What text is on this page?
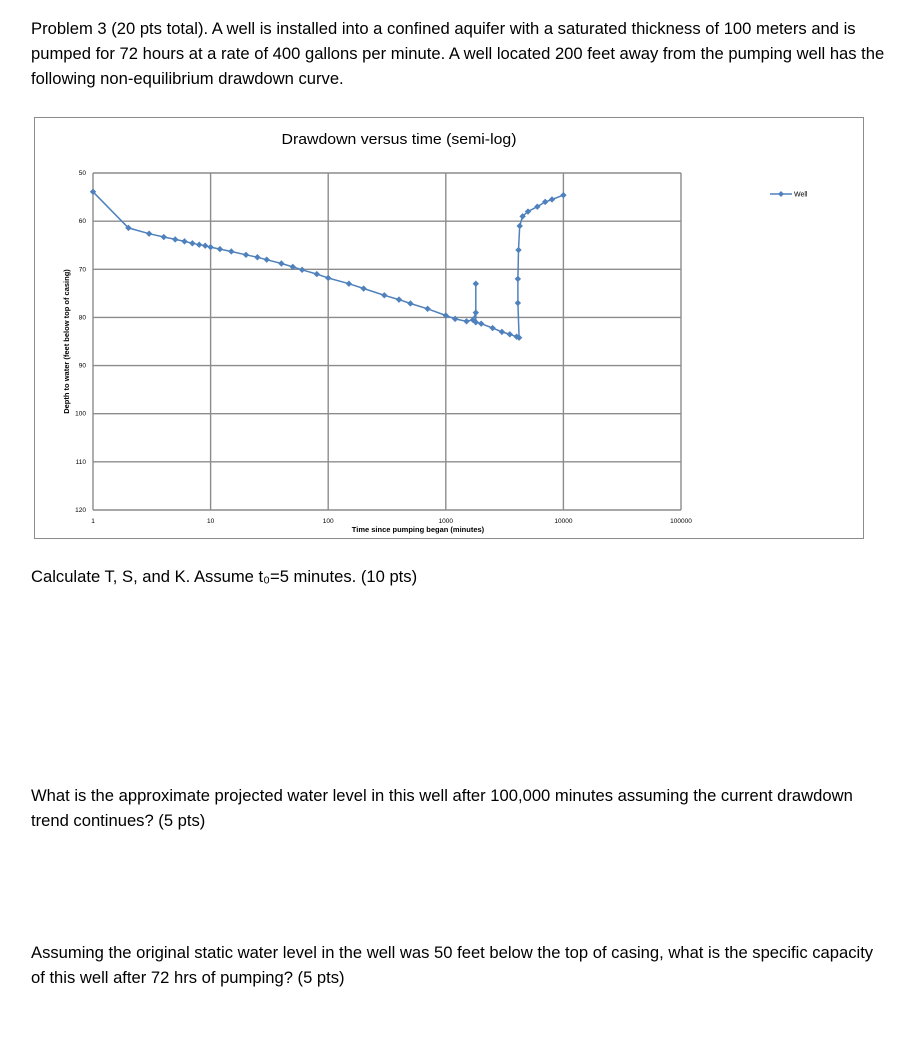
Problem 3 (20 pts total). A well is installed into a confined aquifer with a saturated thickness of 100 meters and is pumped for 72 hours at a rate of 400 gallons per minute. A well located 200 feet away from the pumping well has the following non-equilibrium drawdown curve.
50
60
70
80
90
100
110
120
1	10	100	1000	10000	100000
Drawdown versus time (semi-log)
Time since pumping began (minutes)
Depth to water (feet below top of casing)
Well
Calculate T, S, and K. Assume t₀=5 minutes. (10 pts)
What is the approximate projected water level in this well after 100,000 minutes assuming the current drawdown trend continues? (5 pts)
Assuming the original static water level in the well was 50 feet below the top of casing, what is the specific capacity of this well after 72 hrs of pumping? (5 pts)
